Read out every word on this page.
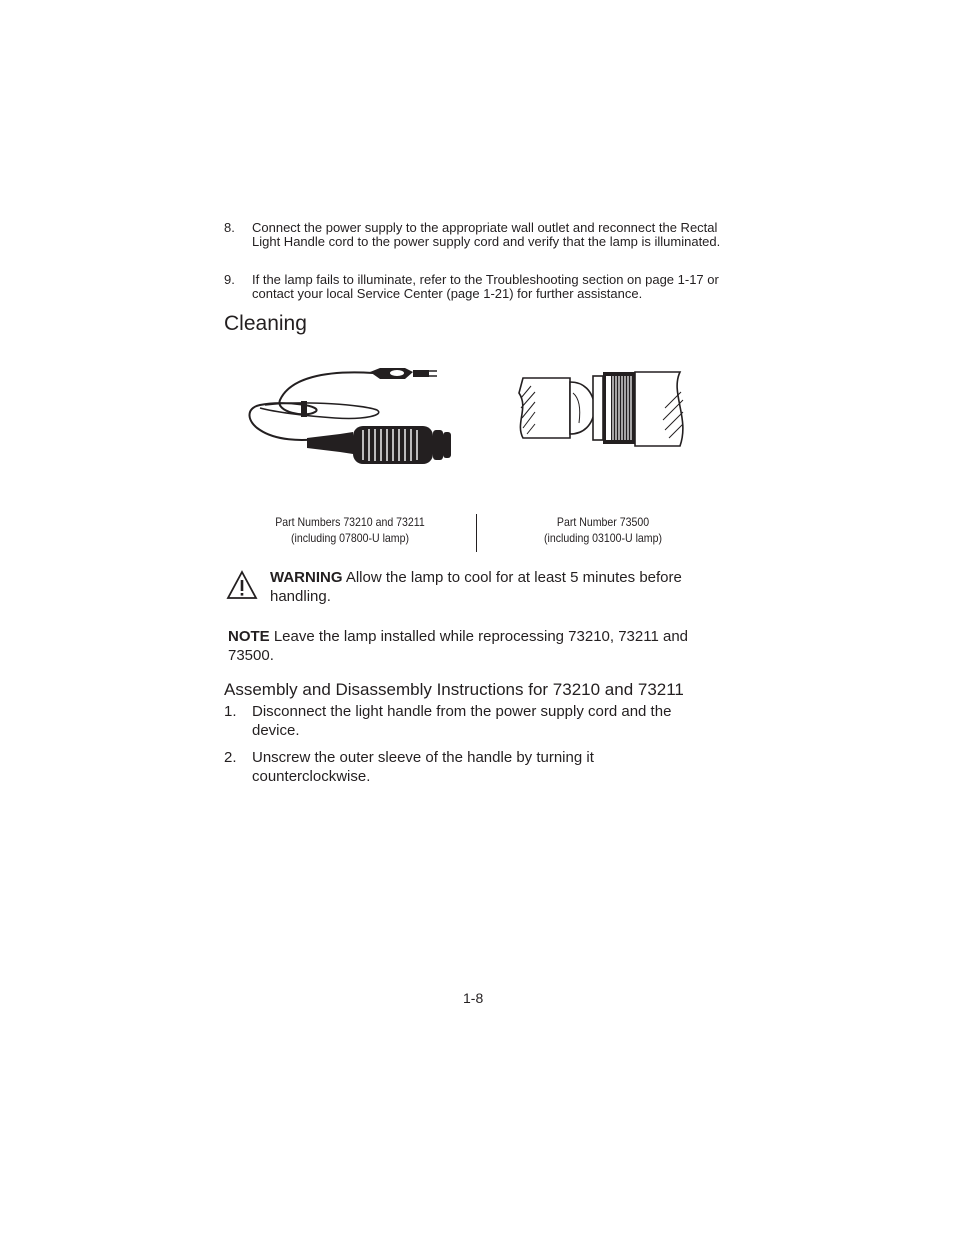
8. Connect the power supply to the appropriate wall outlet and reconnect the Rectal Light Handle cord to the power supply cord and verify that the lamp is illuminated.
9. If the lamp fails to illuminate, refer to the Troubleshooting section on page 1-17 or contact your local Service Center (page 1-21) for further assistance.
Cleaning
Part Numbers 73210 and 73211
(including 07800-U lamp)
Part Number 73500
(including 03100-U lamp)
WARNING Allow the lamp to cool for at least 5 minutes before handling.
NOTE Leave the lamp installed while reprocessing 73210, 73211 and 73500.
Assembly and Disassembly Instructions for 73210 and 73211
1. Disconnect the light handle from the power supply cord and the device.
2. Unscrew the outer sleeve of the handle by turning it counterclockwise.
1-8
